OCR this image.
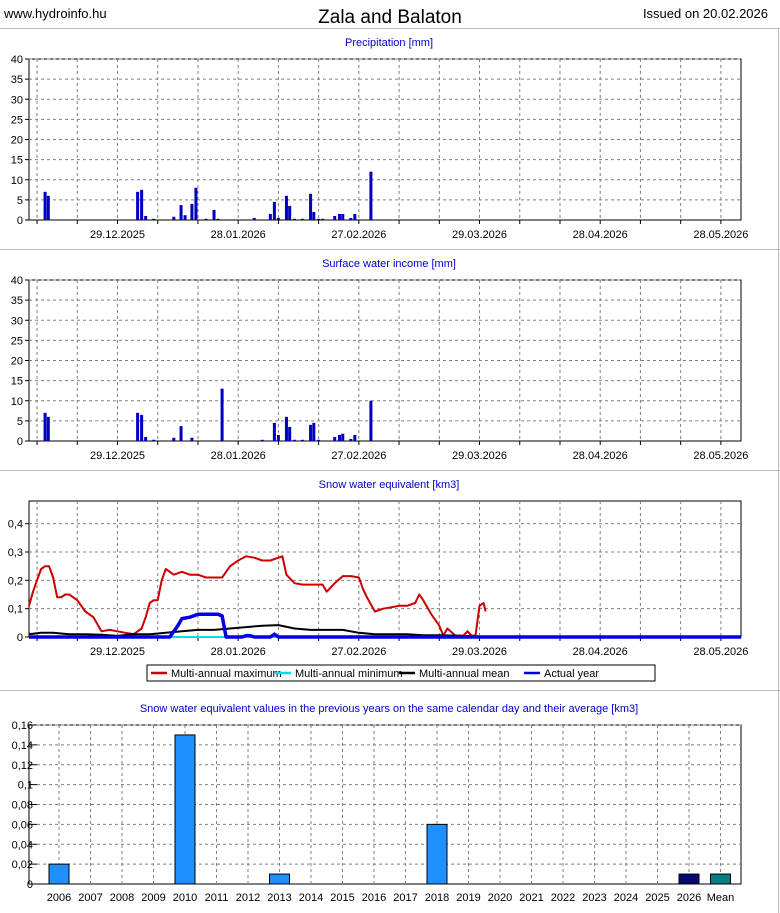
www.hydroinfo.hu	Zala and Balaton	Issued on 20.02.2026
Precipitation [mm]
0
5
10
15
20
25
30
35
40
29.12.2025	28.01.2026	27.02.2026	29.03.2026	28.04.2026	28.05.2026
Surface water income [mm]
0
5
10
15
20
25
30
35
40
29.12.2025	28.01.2026	27.02.2026	29.03.2026	28.04.2026	28.05.2026
Snow water equivalent [km3]
0
0,1
0,2
0,3
0,4
29.12.2025	28.01.2026	27.02.2026	29.03.2026	28.04.2026	28.05.2026
Multi-annual maximum Multi-annual minimum Multi-annual mean	Actual year
Snow water equivalent values in the previous years on the same calendar day and their average [km3]
0
0,02
0,04
0,06
0,08
0,1
0,12
0,14
0,16
2006 2007 2008 2009 2010 2011 2012 2013 2014 2015 2016 2017 2018 2019 2020 2021 2022 2023 2024 2025 2026 Mean
